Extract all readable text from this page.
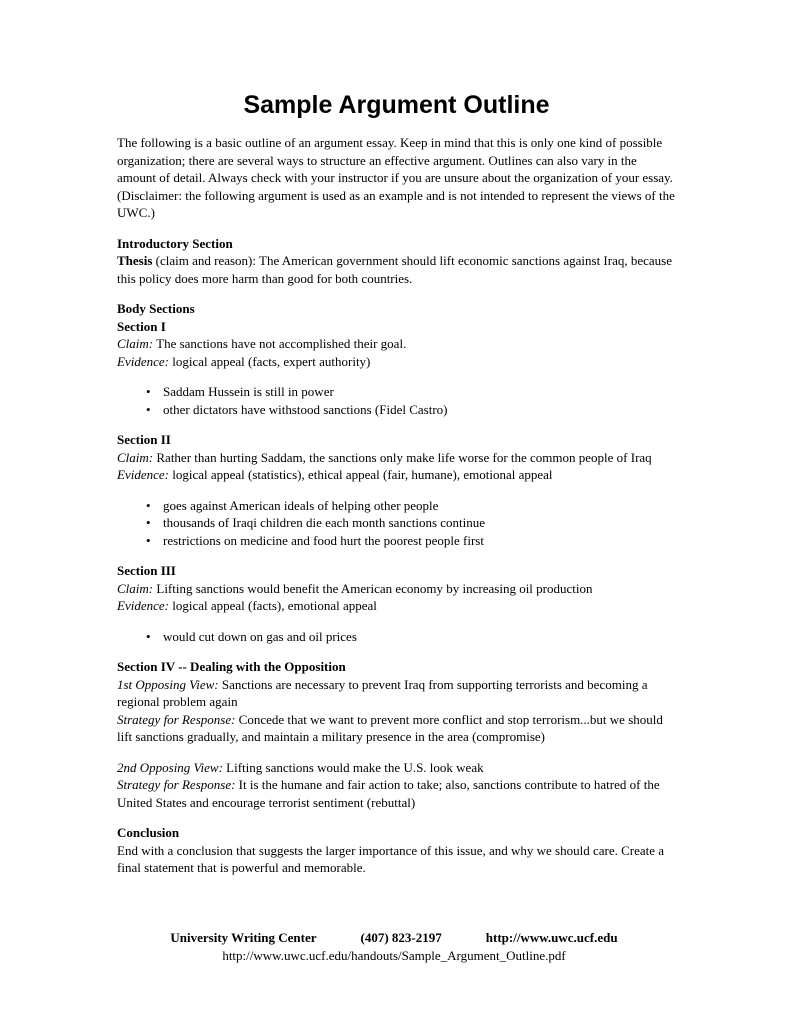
Sample Argument Outline

The following is a basic outline of an argument essay. Keep in mind that this is only one kind of possible organization; there are several ways to structure an effective argument. Outlines can also vary in the amount of detail. Always check with your instructor if you are unsure about the organization of your essay. (Disclaimer: the following argument is used as an example and is not intended to represent the views of the UWC.)

Introductory Section

Thesis (claim and reason): The American government should lift economic sanctions against Iraq, because this policy does more harm than good for both countries.

Body Sections

Section I

Claim: The sanctions have not accomplished their goal.

Evidence: logical appeal (facts, expert authority)

• Saddam Hussein is still in power
• other dictators have withstood sanctions (Fidel Castro)

Section II

Claim: Rather than hurting Saddam, the sanctions only make life worse for the common people of Iraq

Evidence: logical appeal (statistics), ethical appeal (fair, humane), emotional appeal

• goes against American ideals of helping other people
• thousands of Iraqi children die each month sanctions continue
• restrictions on medicine and food hurt the poorest people first

Section III

Claim: Lifting sanctions would benefit the American economy by increasing oil production

Evidence: logical appeal (facts), emotional appeal

• would cut down on gas and oil prices

Section IV -- Dealing with the Opposition

1st Opposing View: Sanctions are necessary to prevent Iraq from supporting terrorists and becoming a regional problem again

Strategy for Response: Concede that we want to prevent more conflict and stop terrorism...but we should lift sanctions gradually, and maintain a military presence in the area (compromise)

2nd Opposing View: Lifting sanctions would make the U.S. look weak

Strategy for Response: It is the humane and fair action to take; also, sanctions contribute to hatred of the United States and encourage terrorist sentiment (rebuttal)

Conclusion

End with a conclusion that suggests the larger importance of this issue, and why we should care. Create a final statement that is powerful and memorable.

University Writing Center	(407) 823-2197	http://www.uwc.ucf.edu
http://www.uwc.ucf.edu/handouts/Sample_Argument_Outline.pdf
